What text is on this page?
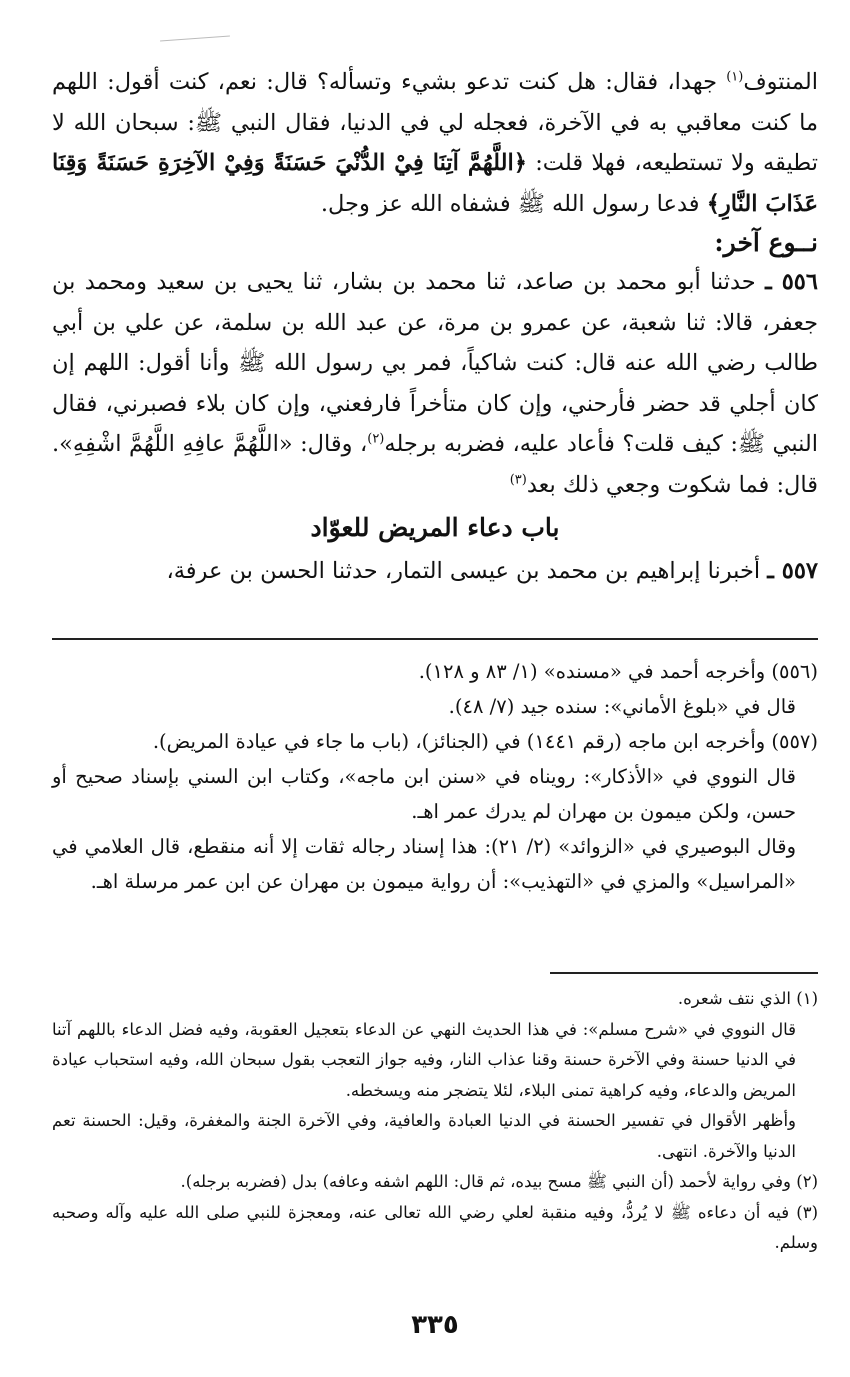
المنتوف$^{(١)}$ جهدا، فقال: هل كنت تدعو بشيء وتسأله؟ قال: نعم، كنت أقول: اللهم ما كنت معاقبي به في الآخرة، فعجله لي في الدنيا، فقال النبي ﷺ: سبحان الله لا تطيقه ولا تستطيعه، فهلا قلت: ﴿اللَّهُمَّ آتِنَا فِيْ الدُّنْيَ حَسَنَةً وَفِيْ الآخِرَةِ حَسَنَةً وَقِنَا عَذَابَ النَّارِ﴾ فدعا رسول الله ﷺ فشفاه الله عز وجل.

نــوع آخر:

٥٥٦ ـ حدثنا أبو محمد بن صاعد، ثنا محمد بن بشار، ثنا يحيى بن سعيد ومحمد بن جعفر، قالا: ثنا شعبة، عن عمرو بن مرة، عن عبد الله بن سلمة، عن علي بن أبي طالب رضي الله عنه قال: كنت شاكياً، فمر بي رسول الله ﷺ وأنا أقول: اللهم إن كان أجلي قد حضر فأرحني، وإن كان متأخراً فارفعني، وإن كان بلاء فصبرني، فقال النبي ﷺ: كيف قلت؟ فأعاد عليه، فضربه برجله$^{(٢)}$، وقال: «اللَّهُمَّ عافِهِ اللَّهُمَّ اشْفِهِ». قال: فما شكوت وجعي ذلك بعد$^{(٣)}$

باب دعاء المريض للعوّاد

٥٥٧ ـ أخبرنا إبراهيم بن محمد بن عيسى التمار، حدثنا الحسن بن عرفة،

(٥٥٦) وأخرجه أحمد في «مسنده» (١/ ٨٣ و ١٢٨).

قال في «بلوغ الأماني»: سنده جيد (٧/ ٤٨).

(٥٥٧) وأخرجه ابن ماجه (رقم ١٤٤١) في (الجنائز)، (باب ما جاء في عيادة المريض).

قال النووي في «الأذكار»: رويناه في «سنن ابن ماجه»، وكتاب ابن السني بإسناد صحيح أو حسن، ولكن ميمون بن مهران لم يدرك عمر اهـ.

وقال البوصيري في «الزوائد» (٢/ ٢١): هذا إسناد رجاله ثقات إلا أنه منقطع، قال العلامي في «المراسيل» والمزي في «التهذيب»: أن رواية ميمون بن مهران عن ابن عمر مرسلة اهـ.

(١) الذي نتف شعره.

قال النووي في «شرح مسلم»: في هذا الحديث النهي عن الدعاء بتعجيل العقوبة، وفيه فضل الدعاء باللهم آتنا في الدنيا حسنة وفي الآخرة حسنة وقنا عذاب النار، وفيه جواز التعجب بقول سبحان الله، وفيه استحباب عيادة المريض والدعاء، وفيه كراهية تمنى البلاء، لئلا يتضجر منه ويسخطه.

وأظهر الأقوال في تفسير الحسنة في الدنيا العبادة والعافية، وفي الآخرة الجنة والمغفرة، وقيل: الحسنة تعم الدنيا والآخرة. انتهى.

(٢) وفي رواية لأحمد (أن النبي ﷺ مسح بيده، ثم قال: اللهم اشفه وعافه) بدل (فضربه برجله).

(٣) فيه أن دعاءه ﷺ لا يُردُّ، وفيه منقبة لعلي رضي الله تعالى عنه، ومعجزة للنبي صلى الله عليه وآله وصحبه وسلم.

٣٣٥
